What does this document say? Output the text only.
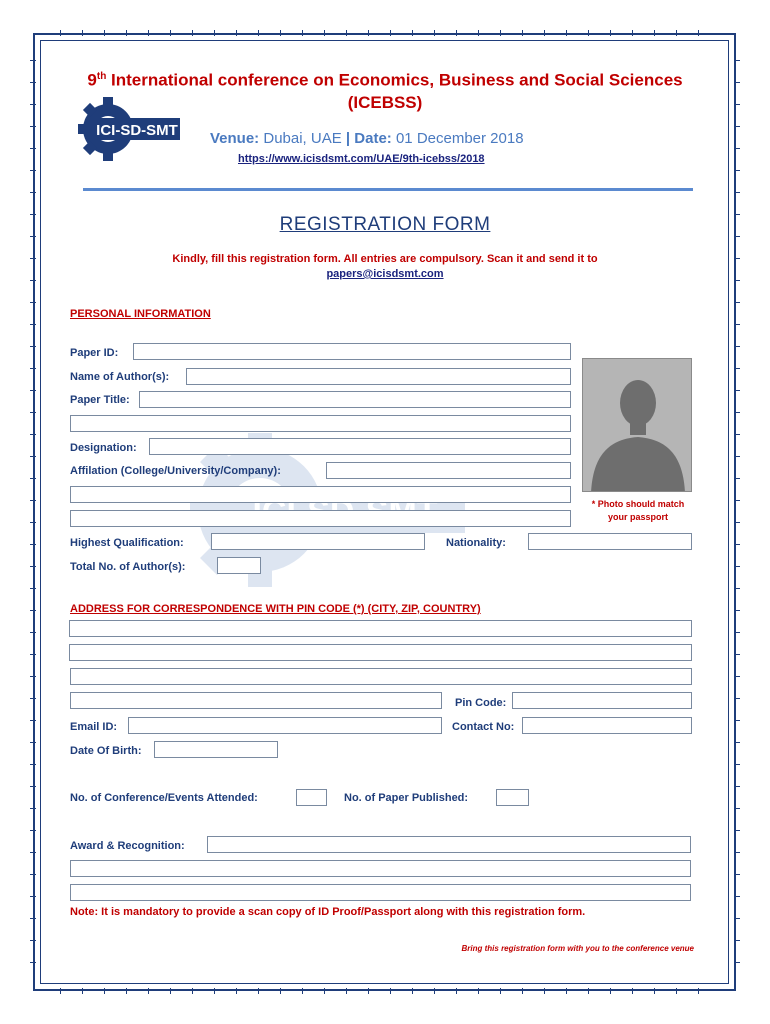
ICI-SD-SMT
9th International conference on Economics, Business and Social Sciences
(ICEBSS)
Venue: Dubai, UAE | Date: 01 December 2018
https://www.icisdsmt.com/UAE/9th-icebss/2018
REGISTRATION FORM
Kindly, fill this registration form. All entries are compulsory. Scan it and send it to
papers@icisdsmt.com
PERSONAL INFORMATION
Paper ID:
Name of Author(s):
Paper Title:
Designation:
Affilation (College/University/Company):
Highest Qualification:	Nationality:
Total No. of Author(s):
* Photo should match
your passport
ADDRESS FOR CORRESPONDENCE WITH PIN CODE (*) (CITY, ZIP, COUNTRY)
Pin Code:
Email ID:	Contact No:
Date Of Birth:
No. of Conference/Events Attended:	No. of Paper Published:
Award & Recognition:
Note: It is mandatory to provide a scan copy of ID Proof/Passport along with this registration form.
Bring this registration form with you to the conference venue
